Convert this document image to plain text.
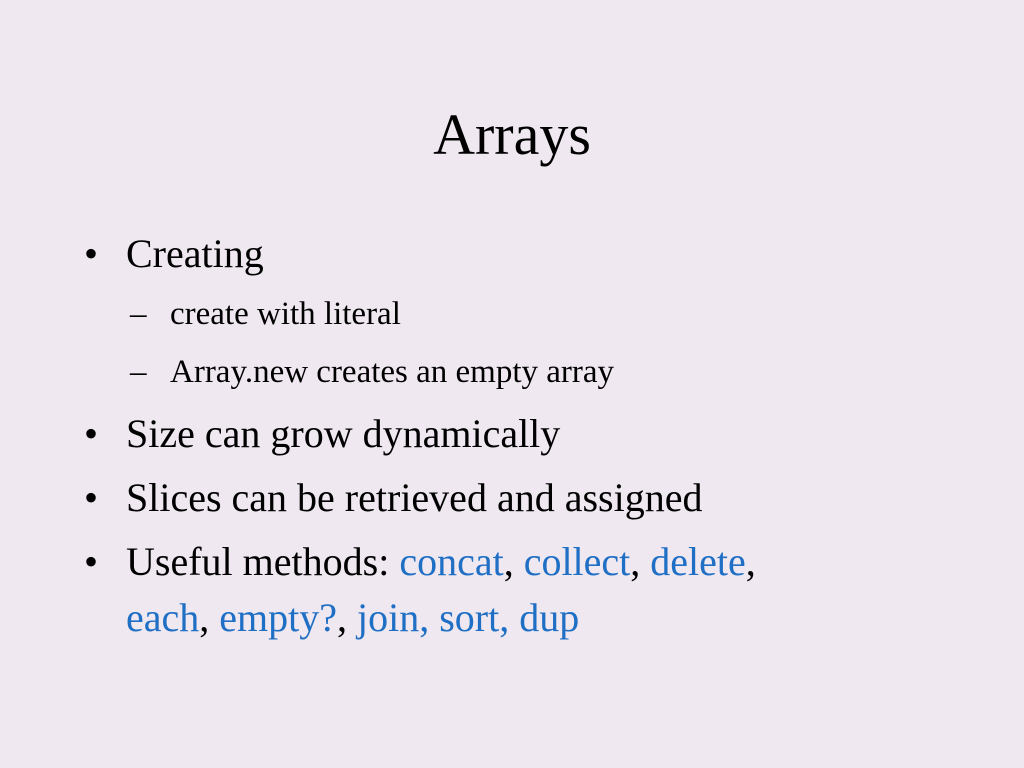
Arrays
• Creating
– create with literal
– Array.new creates an empty array
• Size can grow dynamically
• Slices can be retrieved and assigned
• Useful methods: concat, collect, delete,
each, empty?, join, sort, dup
